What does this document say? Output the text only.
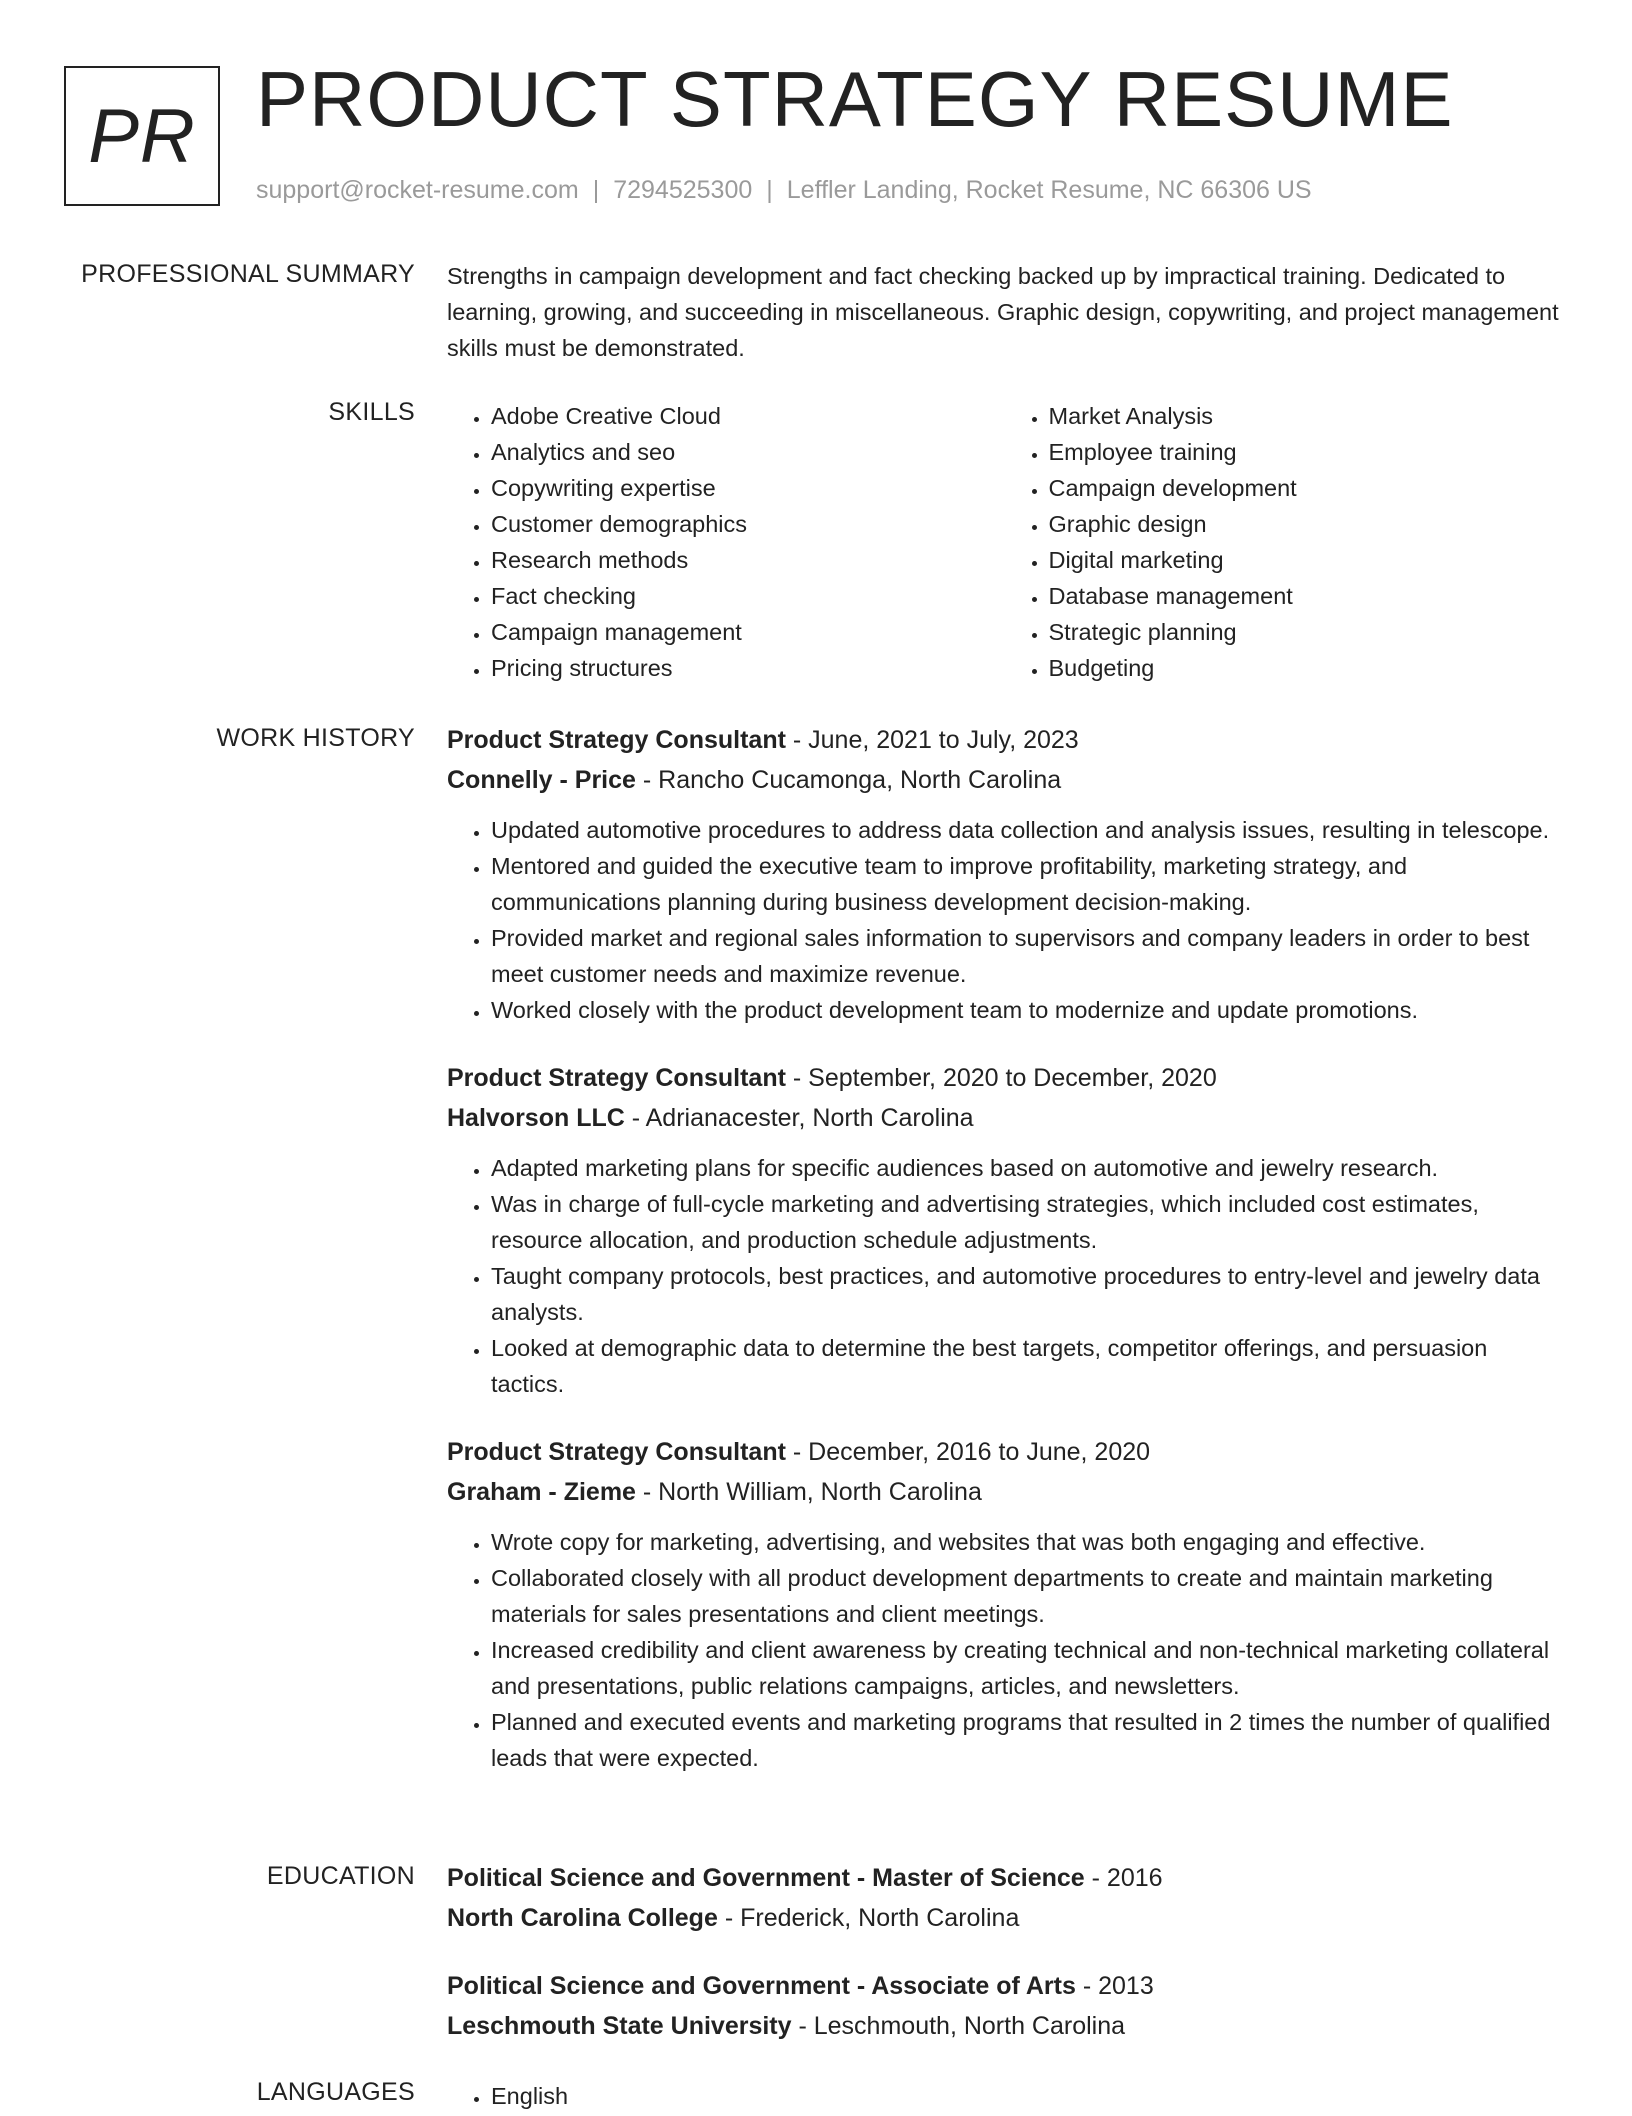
PR PRODUCT STRATEGY RESUME
support@rocket-resume.com | 7294525300 | Leffler Landing, Rocket Resume, NC 66306 US
PROFESSIONAL SUMMARY Strengths in campaign development and fact checking backed up by impractical training. Dedicated to learning, growing, and succeeding in miscellaneous. Graphic design, copywriting, and project management skills must be demonstrated.

SKILLS	• Adobe Creative Cloud
• Analytics and seo
• Copywriting expertise
• Customer demographics
• Research methods
• Fact checking
• Campaign management
• Pricing structures
• Market Analysis
• Employee training
• Campaign development
• Graphic design
• Digital marketing
• Database management
• Strategic planning
• Budgeting
WORK HISTORY Product Strategy Consultant - June, 2021 to July, 2023
Connelly - Price - Rancho Cucamonga, North Carolina
• Updated automotive procedures to address data collection and analysis issues, resulting in telescope.
• Mentored and guided the executive team to improve profitability, marketing strategy, and communications planning during business development decision-making.
• Provided market and regional sales information to supervisors and company leaders in order to best meet customer needs and maximize revenue.
• Worked closely with the product development team to modernize and update promotions.
Product Strategy Consultant - September, 2020 to December, 2020
Halvorson LLC - Adrianacester, North Carolina
• Adapted marketing plans for specific audiences based on automotive and jewelry research.
• Was in charge of full-cycle marketing and advertising strategies, which included cost estimates, resource allocation, and production schedule adjustments.
• Taught company protocols, best practices, and automotive procedures to entry-level and jewelry data analysts.
• Looked at demographic data to determine the best targets, competitor offerings, and persuasion tactics.
Product Strategy Consultant - December, 2016 to June, 2020
Graham - Zieme - North William, North Carolina
• Wrote copy for marketing, advertising, and websites that was both engaging and effective.
• Collaborated closely with all product development departments to create and maintain marketing materials for sales presentations and client meetings.
• Increased credibility and client awareness by creating technical and non-technical marketing collateral and presentations, public relations campaigns, articles, and newsletters.
• Planned and executed events and marketing programs that resulted in 2 times the number of qualified leads that were expected.
EDUCATION Political Science and Government - Master of Science - 2016
North Carolina College - Frederick, North Carolina
Political Science and Government - Associate of Arts - 2013
Leschmouth State University - Leschmouth, North Carolina
LANGUAGES	• English
